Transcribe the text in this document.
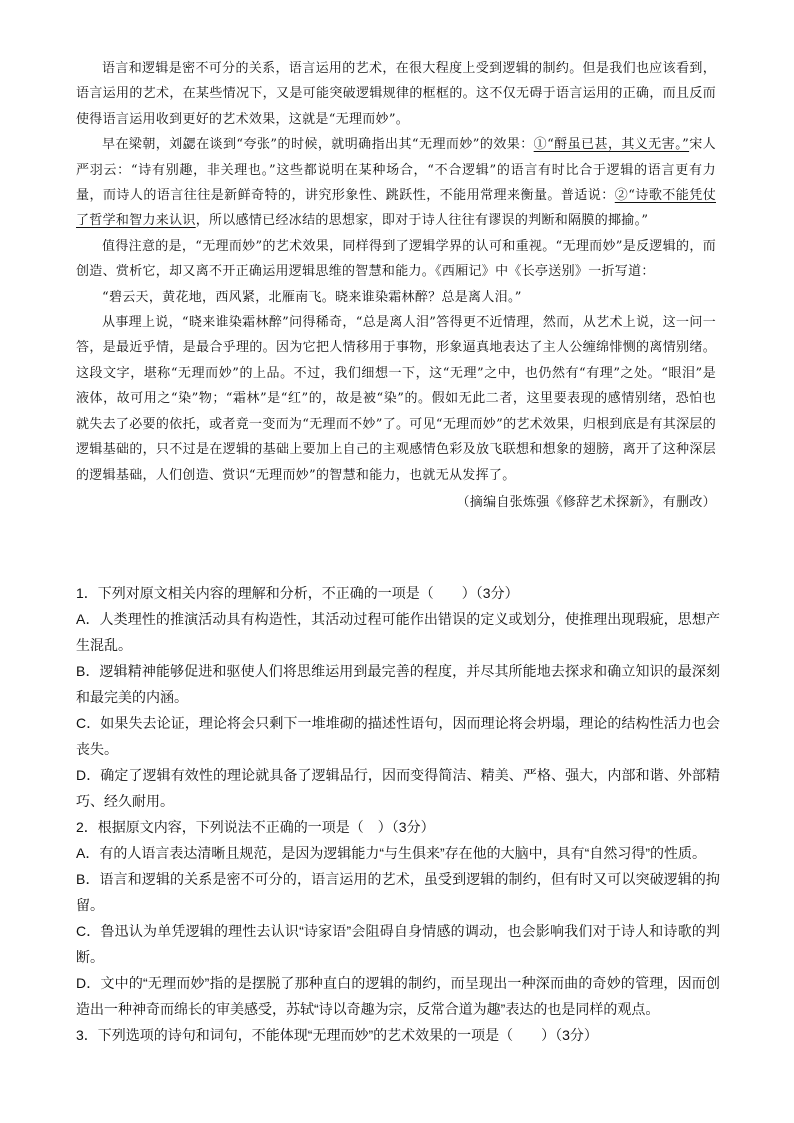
语言和逻辑是密不可分的关系，语言运用的艺术，在很大程度上受到逻辑的制约。但是我们也应该看到，语言运用的艺术，在某些情况下，又是可能突破逻辑规律的框框的。这不仅无碍于语言运用的正确，而且反而使得语言运用收到更好的艺术效果，这就是“无理而妙”。

早在梁朝，刘勰在谈到“夸张”的时候，就明确指出其“无理而妙”的效果：①“酹虽已甚，其义无害。”宋人严羽云：“诗有别趣，非关理也。”这些都说明在某种场合，“不合逻辑”的语言有时比合于逻辑的语言更有力量，而诗人的语言往往是新鲜奇特的，讲究形象性、跳跃性，不能用常理来衡量。普适说：②“诗歌不能凭仗了哲学和智力来认识，所以感情已经冰结的思想家，即对于诗人往往有谬误的判断和隔膜的揶揄。”

值得注意的是，“无理而妙”的艺术效果，同样得到了逻辑学界的认可和重视。“无理而妙”是反逻辑的，而创造、赏析它，却又离不开正确运用逻辑思维的智慧和能力。《西厢记》中《长亭送别》一折写道：

“碧云天，黄花地，西风紧，北雁南飞。晓来谁染霜林醉？总是离人泪。”

从事理上说，“晓来谁染霜林醉”问得稀奇，“总是离人泪”答得更不近情理，然而，从艺术上说，这一问一答，是最近乎情，是最合乎理的。因为它把人情移用于事物，形象逼真地表达了主人公缠绵悱恻的离情别绪。这段文字，堪称“无理而妙”的上品。不过，我们细想一下，这“无理”之中，也仍然有“有理”之处。“眼泪”是液体，故可用之“染”物；“霜林”是“红”的，故是被“染”的。假如无此二者，这里要表现的感情别绪，恐怕也就失去了必要的依托，或者竟一变而为“无理而不妙”了。可见“无理而妙”的艺术效果，归根到底是有其深层的逻辑基础的，只不过是在逻辑的基础上要加上自己的主观感情色彩及放飞联想和想象的翅膀，离开了这种深层的逻辑基础，人们创造、赏识“无理而妙”的智慧和能力，也就无从发挥了。

（摘编自张炼强《修辞艺术探新》，有删改）

1．下列对原文相关内容的理解和分析，不正确的一项是（　　）（3分）

A．人类理性的推演活动具有构造性，其活动过程可能作出错误的定义或划分，使推理出现瑕疵，思想产生混乱。

B．逻辑精神能够促进和驱使人们将思维运用到最完善的程度，并尽其所能地去探求和确立知识的最深刻和最完美的内涵。

C．如果失去论证，理论将会只剩下一堆堆砌的描述性语句，因而理论将会坍塌，理论的结构性活力也会丧失。

D．确定了逻辑有效性的理论就具备了逻辑品行，因而变得简洁、精美、严格、强大，内部和谐、外部精巧、经久耐用。

2．根据原文内容，下列说法不正确的一项是（　）（3分）

A．有的人语言表达清晰且规范，是因为逻辑能力“与生俱来”存在他的大脑中，具有“自然习得”的性质。

B．语言和逻辑的关系是密不可分的，语言运用的艺术，虽受到逻辑的制约，但有时又可以突破逻辑的拘留。

C．鲁迅认为单凭逻辑的理性去认识“诗家语”会阻碍自身情感的调动，也会影响我们对于诗人和诗歌的判断。

D．文中的“无理而妙”指的是摆脱了那种直白的逻辑的制约，而呈现出一种深而曲的奇妙的管理，因而创造出一种神奇而绵长的审美感受，苏轼“诗以奇趣为宗，反常合道为趣”表达的也是同样的观点。

3．下列选项的诗句和词句，不能体现“无理而妙”的艺术效果的一项是（　　）（3分）
